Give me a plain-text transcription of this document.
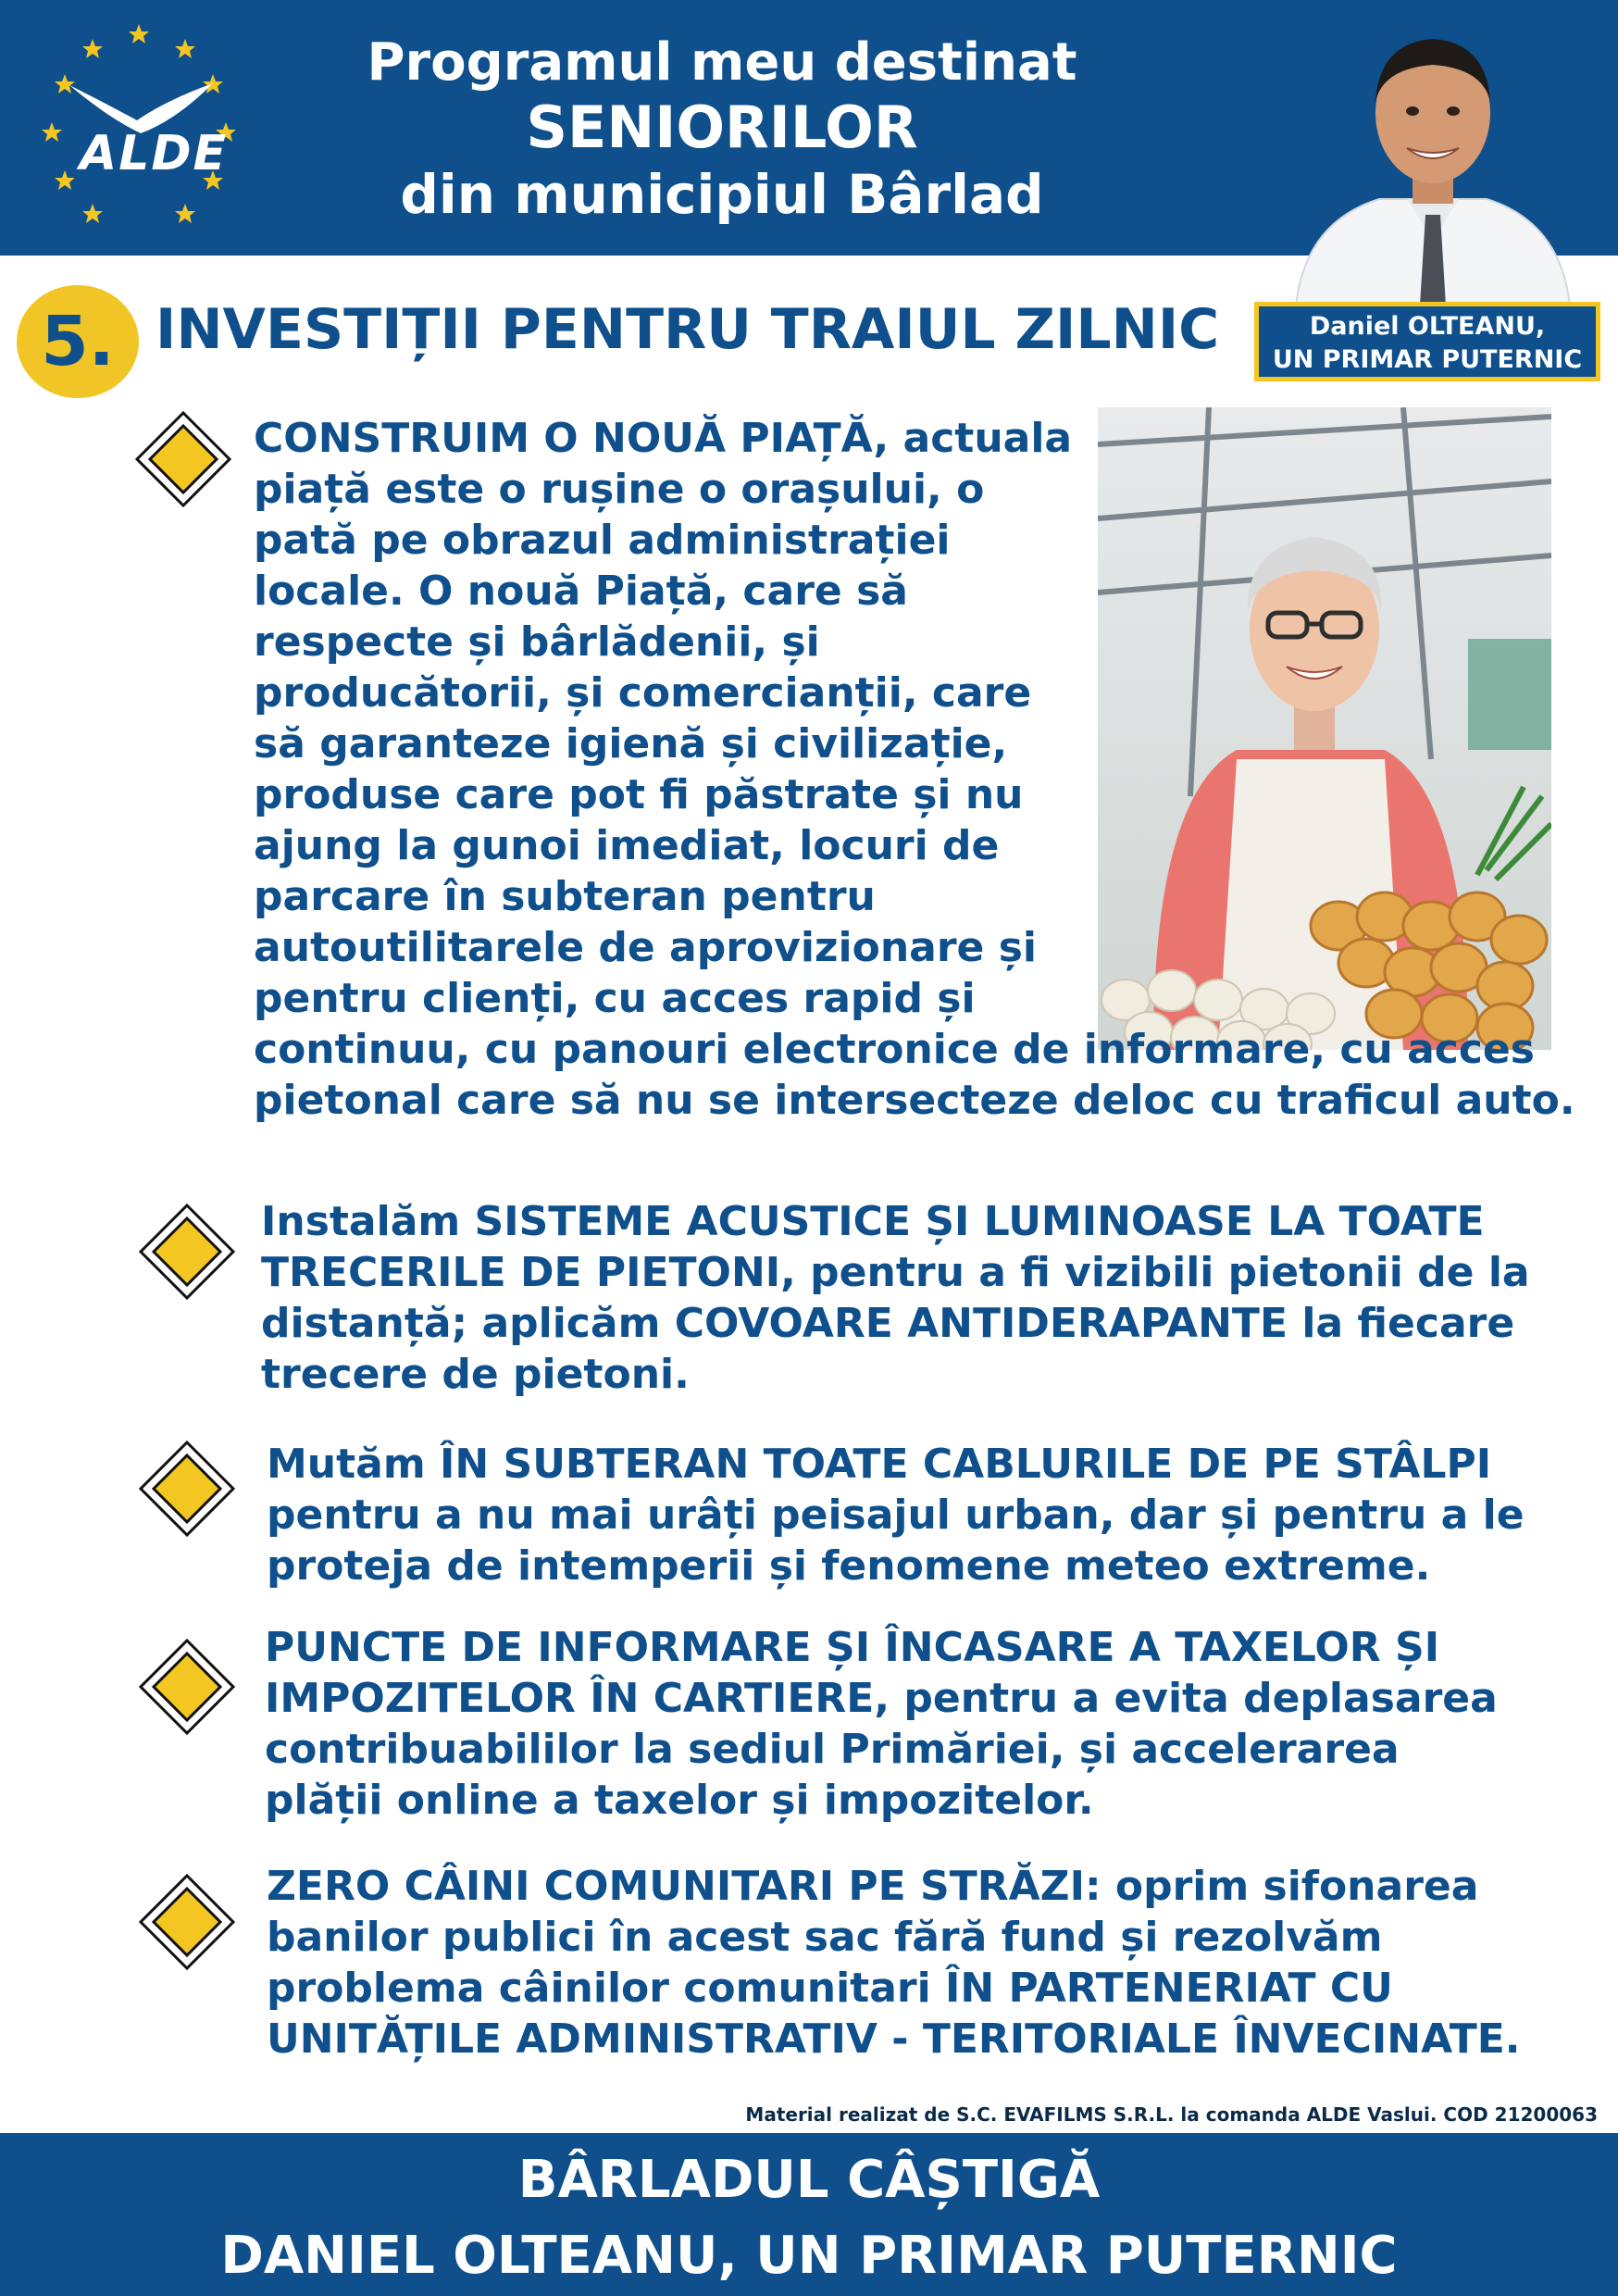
ALDE
Programul meu destinat
SENIORILOR
din municipiul Bârlad
Daniel OLTEANU,
UN PRIMAR PUTERNIC
5. INVESTIȚII PENTRU TRAIUL ZILNIC
CONSTRUIM O NOUĂ PIAȚĂ, actuala
piață este o rușine o orașului, o
pată pe obrazul administrației
locale. O nouă Piață, care să
respecte și bârlădenii, și
producătorii, și comercianții, care
să garanteze igienă și civilizație,
produse care pot fi păstrate și nu
ajung la gunoi imediat, locuri de
parcare în subteran pentru
autoutilitarele de aprovizionare și
pentru clienți, cu acces rapid și
continuu, cu panouri electronice de informare, cu acces
pietonal care să nu se intersecteze deloc cu traficul auto.
Instalăm SISTEME ACUSTICE ȘI LUMINOASE LA TOATE
TRECERILE DE PIETONI, pentru a fi vizibili pietonii de la
distanță; aplicăm COVOARE ANTIDERAPANTE la fiecare
trecere de pietoni.
Mutăm ÎN SUBTERAN TOATE CABLURILE DE PE STÂLPI
pentru a nu mai urâți peisajul urban, dar și pentru a le
proteja de intemperii și fenomene meteo extreme.
PUNCTE DE INFORMARE ȘI ÎNCASARE A TAXELOR ȘI
IMPOZITELOR ÎN CARTIERE, pentru a evita deplasarea
contribuabililor la sediul Primăriei, și accelerarea
plății online a taxelor și impozitelor.
ZERO CÂINI COMUNITARI PE STRĂZI: oprim sifonarea
banilor publici în acest sac fără fund și rezolvăm
problema câinilor comunitari ÎN PARTENERIAT CU
UNITĂȚILE ADMINISTRATIV - TERITORIALE ÎNVECINATE.
Material realizat de S.C. EVAFILMS S.R.L. la comanda ALDE Vaslui. COD 21200063
BÂRLADUL CÂȘTIGĂ
DANIEL OLTEANU, UN PRIMAR PUTERNIC
